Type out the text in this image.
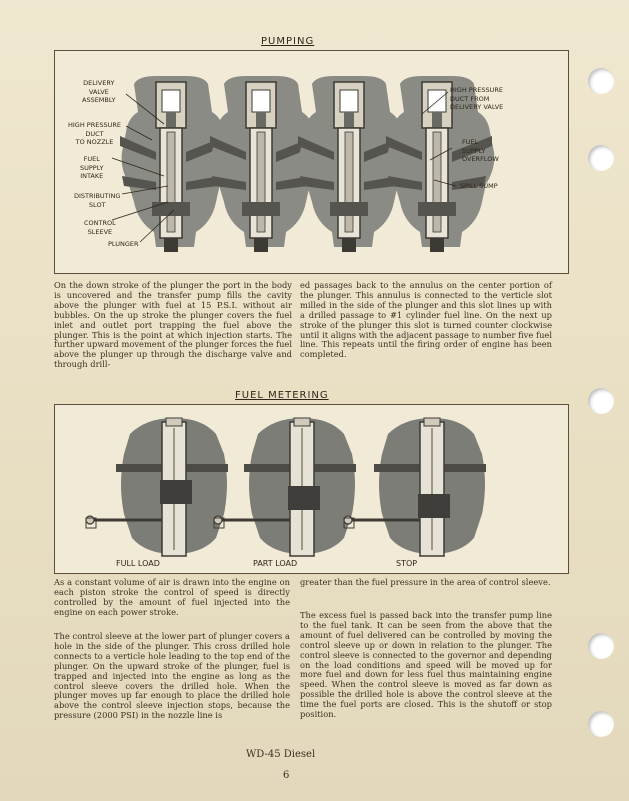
PUMPING
DELIVERY
VALVE
ASSEMBLY
HIGH PRESSURE
DUCT
TO NOZZLE
FUEL
SUPPLY
INTAKE
DISTRIBUTING
SLOT
CONTROL
SLEEVE
PLUNGER
HIGH PRESSURE
DUCT FROM
DELIVERY VALVE
FUEL
SUPPLY
OVERFLOW
SPILL SUMP

On the down stroke of the plunger the port in the body is uncovered and the transfer pump fills the cavity above the plunger with fuel at 15 P.S.I. without air bubbles. On the up stroke the plunger covers the fuel inlet and outlet port trapping the fuel above the plunger. This is the point at which injection starts. The further upward movement of the plunger forces the fuel above the plunger up through the discharge valve and through drill-

ed passages back to the annulus on the center portion of the plunger. This annulus is connected to the verticle slot milled in the side of the plunger and this slot lines up with a drilled passage to #1 cylinder fuel line. On the next up stroke of the plunger this slot is turned counter clockwise until it aligns with the adjacent passage to number five fuel line. This repeats until the firing order of engine has been completed.

FUEL METERING
FULL LOAD	PART LOAD	STOP

As a constant volume of air is drawn into the engine on each piston stroke the control of speed is directly controlled by the amount of fuel injected into the engine on each power stroke.

The control sleeve at the lower part of plunger covers a hole in the side of the plunger. This cross drilled hole connects to a verticle hole leading to the top end of the plunger. On the upward stroke of the plunger, fuel is trapped and injected into the engine as long as the control sleeve covers the drilled hole. When the plunger moves up far enough to place the drilled hole above the control sleeve injection stops, because the pressure (2000 PSI) in the nozzle line is

greater than the fuel pressure in the area of control sleeve.

The excess fuel is passed back into the transfer pump line to the fuel tank. It can be seen from the above that the amount of fuel delivered can be controlled by moving the control sleeve up or down in relation to the plunger. The control sleeve is connected to the governor and depending on the load conditions and speed will be moved up for more fuel and down for less fuel thus maintaining engine speed. When the control sleeve is moved as far down as possible the drilled hole is above the control sleeve at the time the fuel ports are closed. This is the shutoff or stop position.

WD-45 Diesel
6
